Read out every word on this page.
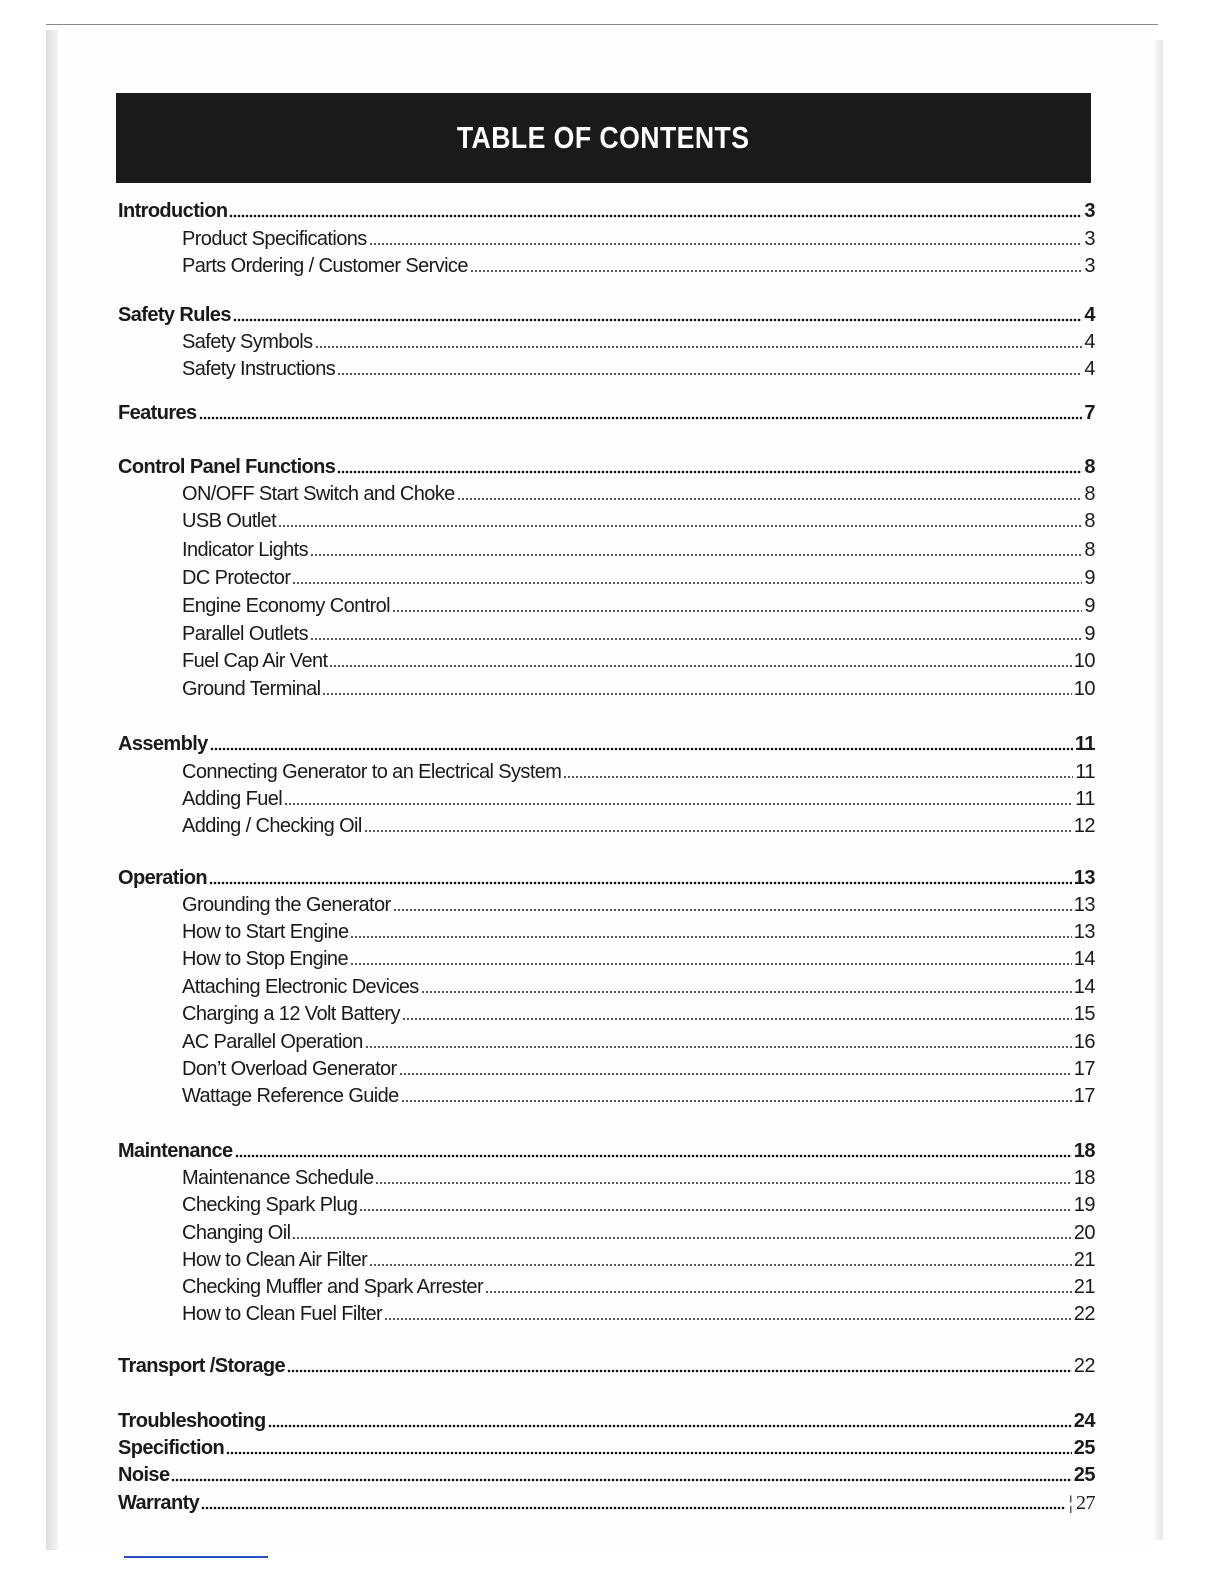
TABLE OF CONTENTS
Introduction	3
Product Specifications	3
Parts Ordering / Customer Service	3
Safety Rules	4
Safety Symbols	4
Safety Instructions	4
Features	7
Control Panel Functions	8
ON/OFF Start Switch and Choke	8
USB Outlet	8
Indicator Lights	8
DC Protector	9
Engine Economy Control	9
Parallel Outlets	9
Fuel Cap Air Vent	10
Ground Terminal	10
Assembly	11
Connecting Generator to an Electrical System	11
Adding Fuel	11
Adding / Checking Oil	12
Operation	13
Grounding the Generator	13
How to Start Engine	13
How to Stop Engine	14
Attaching Electronic Devices	14
Charging a 12 Volt Battery	15
AC Parallel Operation	16
Don’t Overload Generator	17
Wattage Reference Guide	17
Maintenance	18
Maintenance Schedule	18
Checking Spark Plug	19
Changing Oil	20
How to Clean Air Filter	21
Checking Muffler and Spark Arrester	21
How to Clean Fuel Filter	22
Transport /Storage	22
Troubleshooting	24
Specifiction	25
Noise	25
Warranty	¦ 27
